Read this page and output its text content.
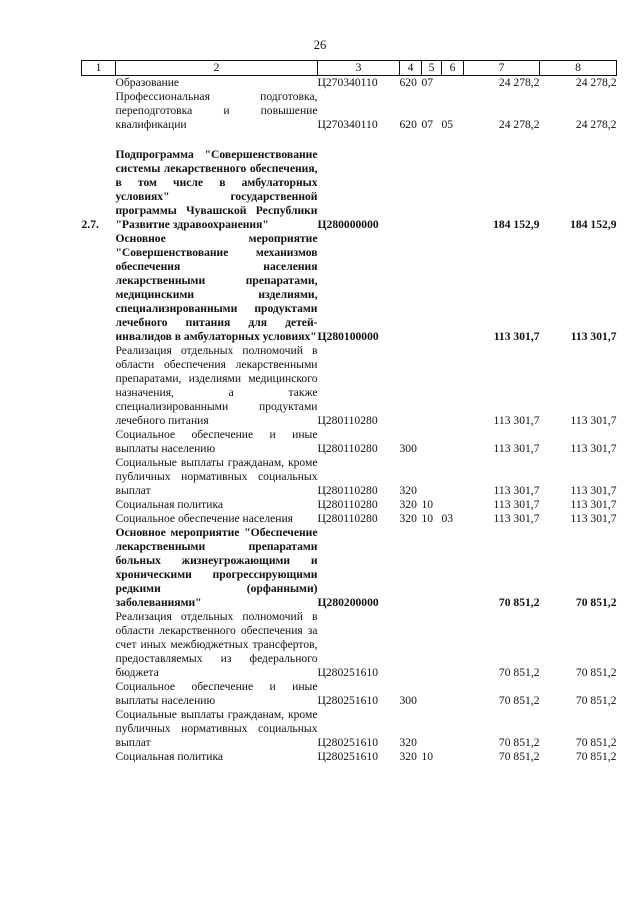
26
1	2	3	4	5	6	7	8
	Образование	Ц270340110	620	07		24 278,2	24 278,2
	Профессиональная подготовка, переподготовка и повышение квалификации	Ц270340110	620	07	05	24 278,2	24 278,2

2.7.	Подпрограмма "Совершенствование системы лекарственного обеспечения, в том числе в амбулаторных условиях" государственной программы Чувашской Республики "Развитие здравоохранения"	Ц280000000				184 152,9	184 152,9
	Основное мероприятие "Совершенствование механизмов обеспечения населения лекарственными препаратами, медицинскими изделиями, специализированными продуктами лечебного питания для детей-инвалидов в амбулаторных условиях"	Ц280100000				113 301,7	113 301,7
	Реализация отдельных полномочий в области обеспечения лекарственными препаратами, изделиями медицинского назначения, а также специализированными продуктами лечебного питания	Ц280110280				113 301,7	113 301,7
	Социальное обеспечение и иные выплаты населению	Ц280110280	300			113 301,7	113 301,7
	Социальные выплаты гражданам, кроме публичных нормативных социальных выплат	Ц280110280	320			113 301,7	113 301,7
	Социальная политика	Ц280110280	320	10		113 301,7	113 301,7
	Социальное обеспечение населения	Ц280110280	320	10	03	113 301,7	113 301,7
	Основное мероприятие "Обеспечение лекарственными препаратами больных жизнеугрожающими и хроническими прогрессирующими редкими (орфанными) заболеваниями"	Ц280200000				70 851,2	70 851,2
	Реализация отдельных полномочий в области лекарственного обеспечения за счет иных межбюджетных трансфертов, предоставляемых из федерального бюджета	Ц280251610				70 851,2	70 851,2
	Социальное обеспечение и иные выплаты населению	Ц280251610	300			70 851,2	70 851,2
	Социальные выплаты гражданам, кроме публичных нормативных социальных выплат	Ц280251610	320			70 851,2	70 851,2
	Социальная политика	Ц280251610	320	10		70 851,2	70 851,2
